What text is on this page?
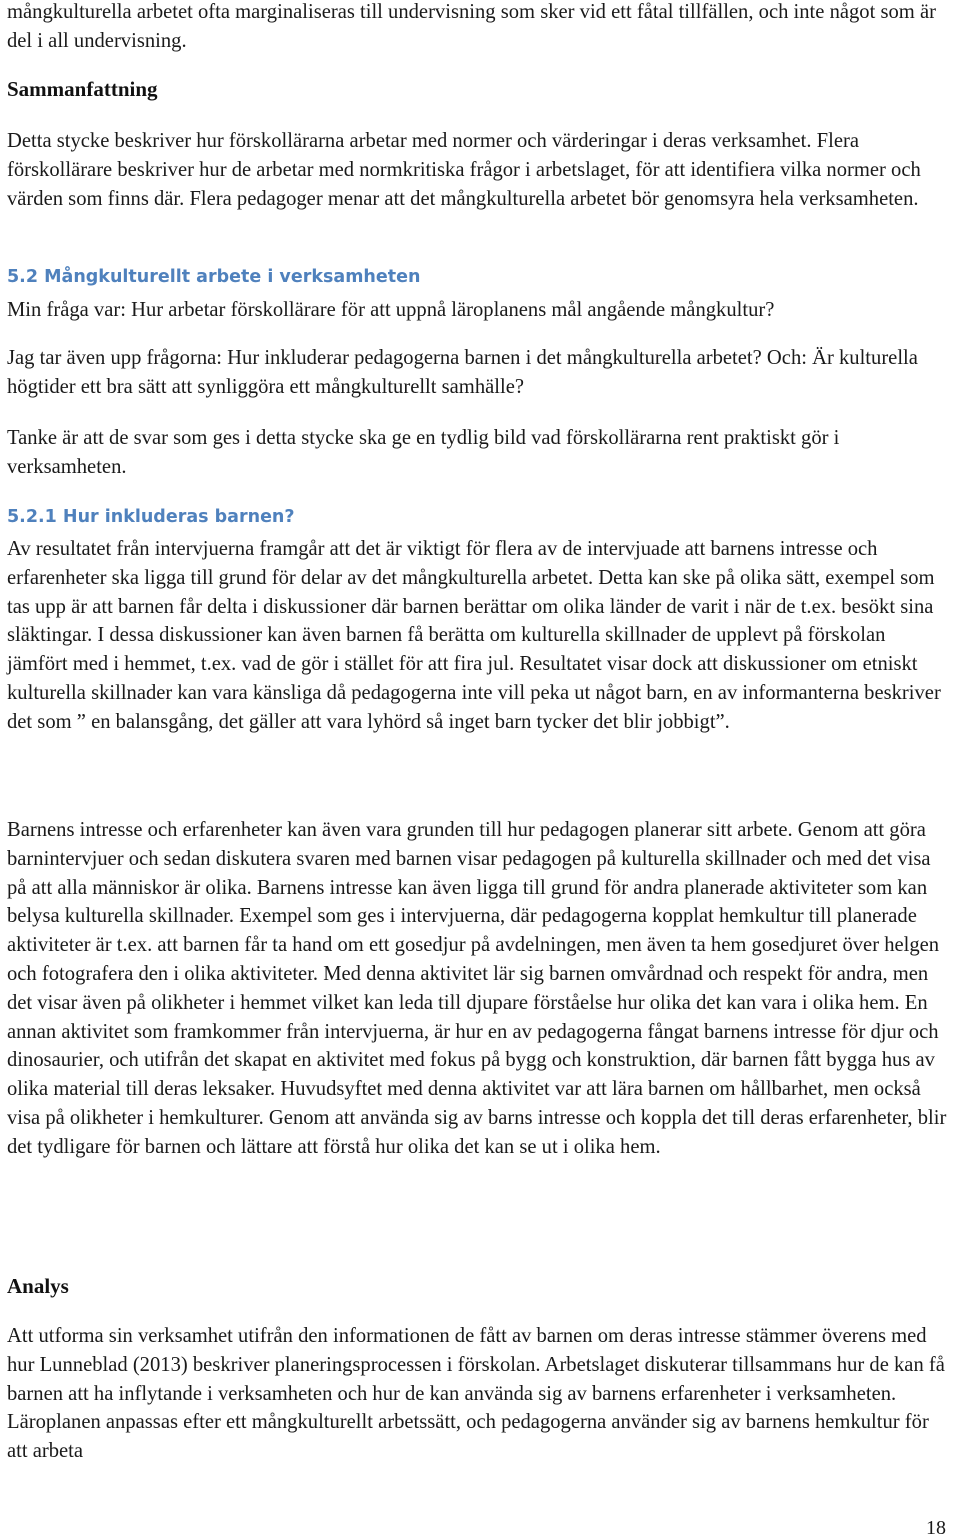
mångkulturella arbetet ofta marginaliseras till undervisning som sker vid ett fåtal tillfällen, och inte något som är del i all undervisning.

Sammanfattning

Detta stycke beskriver hur förskollärarna arbetar med normer och värderingar i deras verksamhet. Flera förskollärare beskriver hur de arbetar med normkritiska frågor i arbetslaget, för att identifiera vilka normer och värden som finns där. Flera pedagoger menar att det mångkulturella arbetet bör genomsyra hela verksamheten.

5.2 Mångkulturellt arbete i verksamheten

Min fråga var: Hur arbetar förskollärare för att uppnå läroplanens mål angående mångkultur?

Jag tar även upp frågorna: Hur inkluderar pedagogerna barnen i det mångkulturella arbetet? Och: Är kulturella högtider ett bra sätt att synliggöra ett mångkulturellt samhälle?

Tanke är att de svar som ges i detta stycke ska ge en tydlig bild vad förskollärarna rent praktiskt gör i verksamheten.

5.2.1 Hur inkluderas barnen?

Av resultatet från intervjuerna framgår att det är viktigt för flera av de intervjuade att barnens intresse och erfarenheter ska ligga till grund för delar av det mångkulturella arbetet. Detta kan ske på olika sätt, exempel som tas upp är att barnen får delta i diskussioner där barnen berättar om olika länder de varit i när de t.ex. besökt sina släktingar. I dessa diskussioner kan även barnen få berätta om kulturella skillnader de upplevt på förskolan jämfört med i hemmet, t.ex. vad de gör i stället för att fira jul. Resultatet visar dock att diskussioner om etniskt kulturella skillnader kan vara känsliga då pedagogerna inte vill peka ut något barn, en av informanterna beskriver det som ” en balansgång, det gäller att vara lyhörd så inget barn tycker det blir jobbigt”.

Barnens intresse och erfarenheter kan även vara grunden till hur pedagogen planerar sitt arbete. Genom att göra barnintervjuer och sedan diskutera svaren med barnen visar pedagogen på kulturella skillnader och med det visa på att alla människor är olika. Barnens intresse kan även ligga till grund för andra planerade aktiviteter som kan belysa kulturella skillnader. Exempel som ges i intervjuerna, där pedagogerna kopplat hemkultur till planerade aktiviteter är t.ex. att barnen får ta hand om ett gosedjur på avdelningen, men även ta hem gosedjuret över helgen och fotografera den i olika aktiviteter. Med denna aktivitet lär sig barnen omvårdnad och respekt för andra, men det visar även på olikheter i hemmet vilket kan leda till djupare förståelse hur olika det kan vara i olika hem. En annan aktivitet som framkommer från intervjuerna, är hur en av pedagogerna fångat barnens intresse för djur och dinosaurier, och utifrån det skapat en aktivitet med fokus på bygg och konstruktion, där barnen fått bygga hus av olika material till deras leksaker. Huvudsyftet med denna aktivitet var att lära barnen om hållbarhet, men också visa på olikheter i hemkulturer. Genom att använda sig av barns intresse och koppla det till deras erfarenheter, blir det tydligare för barnen och lättare att förstå hur olika det kan se ut i olika hem.

Analys

Att utforma sin verksamhet utifrån den informationen de fått av barnen om deras intresse stämmer överens med hur Lunneblad (2013) beskriver planeringsprocessen i förskolan. Arbetslaget diskuterar tillsammans hur de kan få barnen att ha inflytande i verksamheten och hur de kan använda sig av barnens erfarenheter i verksamheten. Läroplanen anpassas efter ett mångkulturellt arbetssätt, och pedagogerna använder sig av barnens hemkultur för att arbeta

18
